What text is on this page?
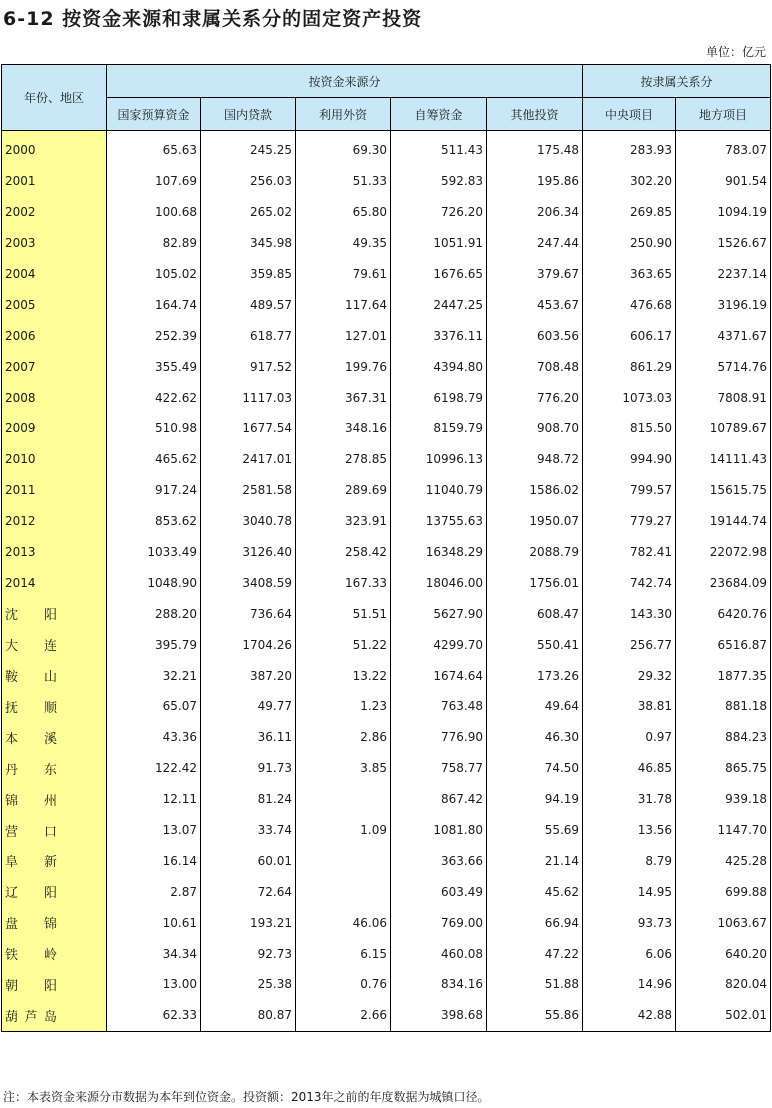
6-12 按资金来源和隶属关系分的固定资产投资
单位：亿元
年份、地区	按资金来源分					按隶属关系分	
	国家预算资金	国内贷款	利用外资	自筹资金	其他投资	中央项目	地方项目
2000	65.63	245.25	69.30	511.43	175.48	283.93	783.07
2001	107.69	256.03	51.33	592.83	195.86	302.20	901.54
2002	100.68	265.02	65.80	726.20	206.34	269.85	1094.19
2003	82.89	345.98	49.35	1051.91	247.44	250.90	1526.67
2004	105.02	359.85	79.61	1676.65	379.67	363.65	2237.14
2005	164.74	489.57	117.64	2447.25	453.67	476.68	3196.19
2006	252.39	618.77	127.01	3376.11	603.56	606.17	4371.67
2007	355.49	917.52	199.76	4394.80	708.48	861.29	5714.76
2008	422.62	1117.03	367.31	6198.79	776.20	1073.03	7808.91
2009	510.98	1677.54	348.16	8159.79	908.70	815.50	10789.67
2010	465.62	2417.01	278.85	10996.13	948.72	994.90	14111.43
2011	917.24	2581.58	289.69	11040.79	1586.02	799.57	15615.75
2012	853.62	3040.78	323.91	13755.63	1950.07	779.27	19144.74
2013	1033.49	3126.40	258.42	16348.29	2088.79	782.41	22072.98
2014	1048.90	3408.59	167.33	18046.00	1756.01	742.74	23684.09

沈 阳	288.20	736.64	51.51	5627.90	608.47	143.30	6420.76

大 连	395.79	1704.26	51.22	4299.70	550.41	256.77	6516.87

鞍 山	32.21	387.20	13.22	1674.64	173.26	29.32	1877.35

抚 顺	65.07	49.77	1.23	763.48	49.64	38.81	881.18

本 溪	43.36	36.11	2.86	776.90	46.30	0.97	884.23

丹 东	122.42	91.73	3.85	758.77	74.50	46.85	865.75

锦 州	12.11	81.24		867.42	94.19	31.78	939.18

营 口	13.07	33.74	1.09	1081.80	55.69	13.56	1147.70

阜 新	16.14	60.01		363.66	21.14	8.79	425.28

辽 阳	2.87	72.64		603.49	45.62	14.95	699.88

盘 锦	10.61	193.21	46.06	769.00	66.94	93.73	1063.67

铁 岭	34.34	92.73	6.15	460.08	47.22	6.06	640.20

朝 阳	13.00	25.38	0.76	834.16	51.88	14.96	820.04

葫 芦 岛	62.33	80.87	2.66	398.68	55.86	42.88	502.01
注：本表资金来源分市数据为本年到位资金。投资额：2013年之前的年度数据为城镇口径。
